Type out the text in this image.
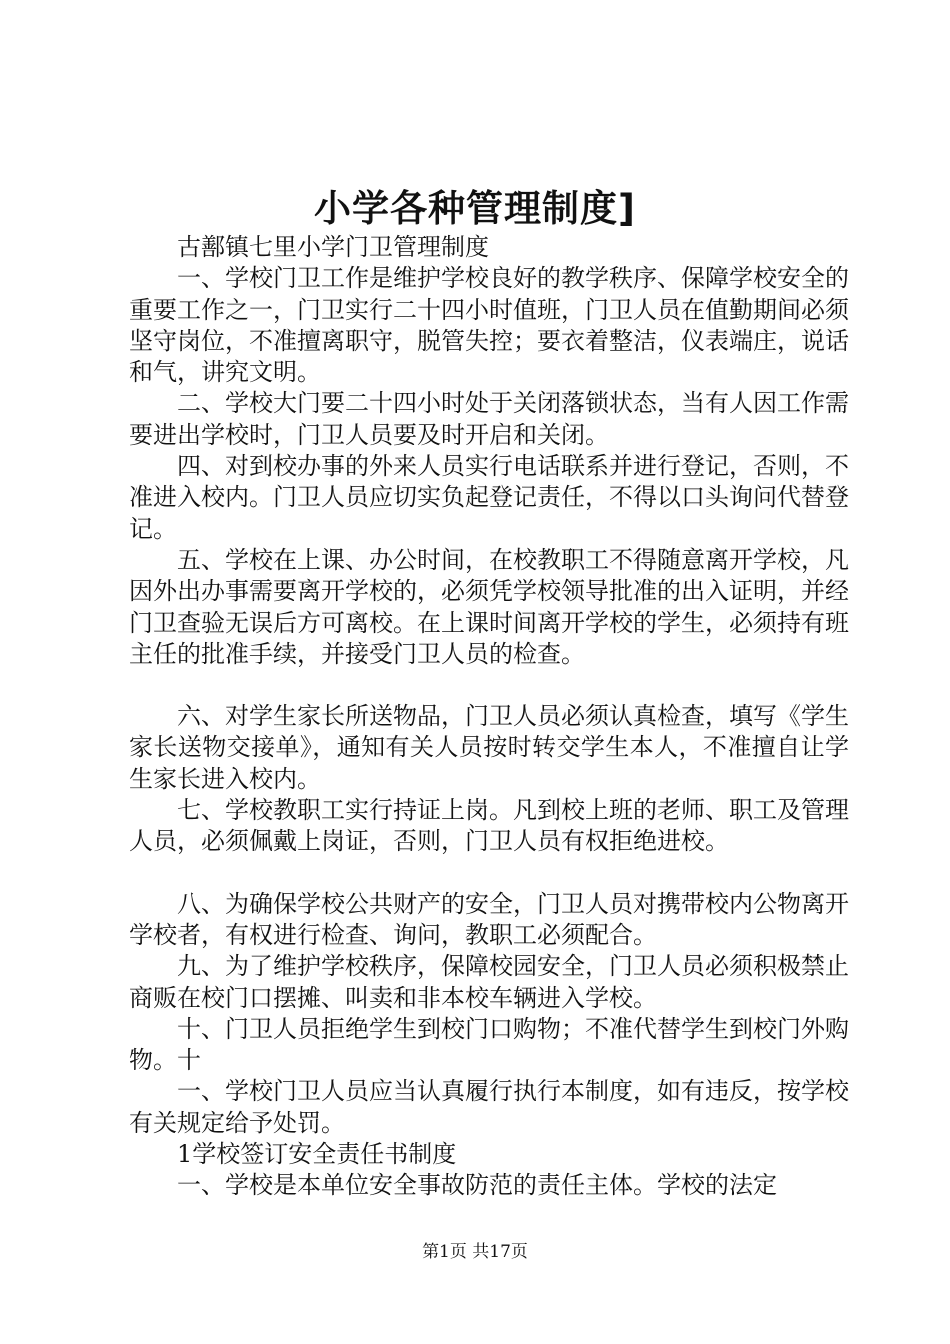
小学各种管理制度]

古鄯镇七里小学门卫管理制度

一、学校门卫工作是维护学校良好的教学秩序、保障学校安全的重要工作之一，门卫实行二十四小时值班，门卫人员在值勤期间必须坚守岗位，不准擅离职守，脱管失控；要衣着整洁，仪表端庄，说话和气，讲究文明。

二、学校大门要二十四小时处于关闭落锁状态，当有人因工作需要进出学校时，门卫人员要及时开启和关闭。

四、对到校办事的外来人员实行电话联系并进行登记，否则，不准进入校内。门卫人员应切实负起登记责任，不得以口头询问代替登记。

五、学校在上课、办公时间，在校教职工不得随意离开学校，凡因外出办事需要离开学校的，必须凭学校领导批准的出入证明，并经门卫查验无误后方可离校。在上课时间离开学校的学生，必须持有班主任的批准手续，并接受门卫人员的检查。

六、对学生家长所送物品，门卫人员必须认真检查，填写《学生家长送物交接单》，通知有关人员按时转交学生本人，不准擅自让学生家长进入校内。

七、学校教职工实行持证上岗。凡到校上班的老师、职工及管理人员，必须佩戴上岗证，否则，门卫人员有权拒绝进校。

八、为确保学校公共财产的安全，门卫人员对携带校内公物离开学校者，有权进行检查、询问，教职工必须配合。

九、为了维护学校秩序，保障校园安全，门卫人员必须积极禁止商贩在校门口摆摊、叫卖和非本校车辆进入学校。

十、门卫人员拒绝学生到校门口购物；不准代替学生到校门外购物。十

一、学校门卫人员应当认真履行执行本制度，如有违反，按学校有关规定给予处罚。

1学校签订安全责任书制度

一、学校是本单位安全事故防范的责任主体。学校的法定

第1页 共17页
